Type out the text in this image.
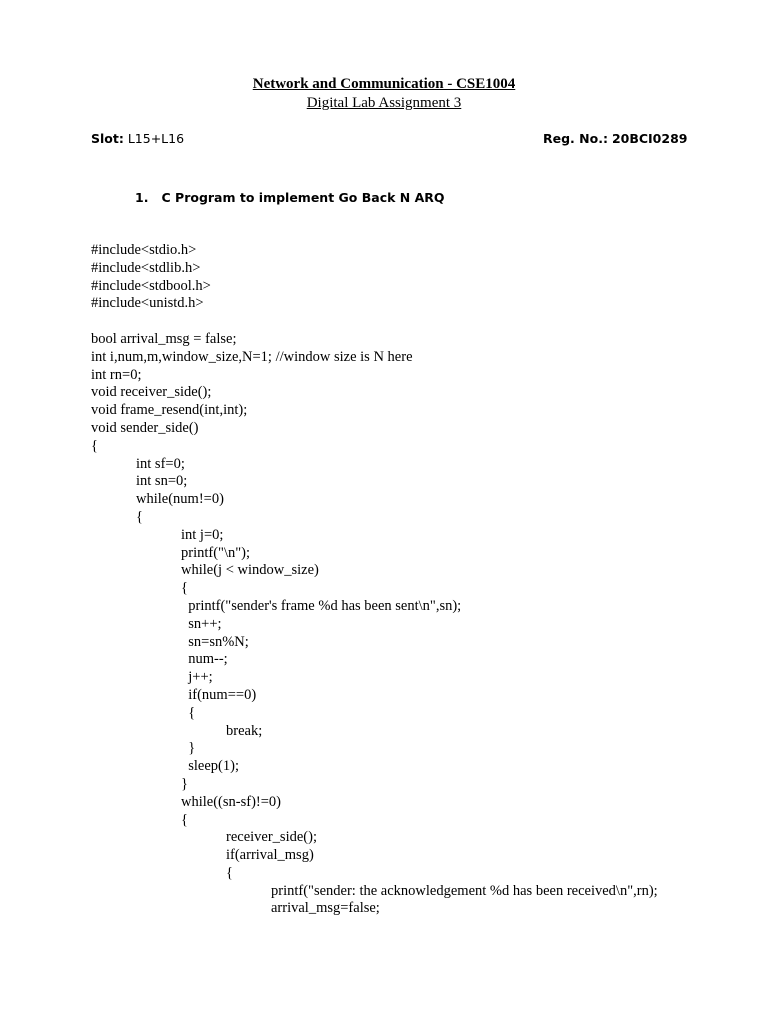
Network and Communication - CSE1004
Digital Lab Assignment 3
Slot: L15+L16	Reg. No.: 20BCI0289
1.   C Program to implement Go Back N ARQ
#include<stdio.h>
#include<stdlib.h>
#include<stdbool.h>
#include<unistd.h>
bool arrival_msg = false;
int i,num,m,window_size,N=1; //window size is N here
int rn=0;
void receiver_side();
void frame_resend(int,int);
void sender_side()
{
int sf=0;
int sn=0;
while(num!=0)
{
int j=0;
printf("\n");
while(j < window_size)
{
printf("sender's frame %d has been sent\n",sn);
sn++;
sn=sn%N;
num--;
j++;
if(num==0)
{
break;
}
sleep(1);
}
while((sn-sf)!=0)
{
receiver_side();
if(arrival_msg)
{
printf("sender: the acknowledgement %d has been received\n",rn);
arrival_msg=false;
